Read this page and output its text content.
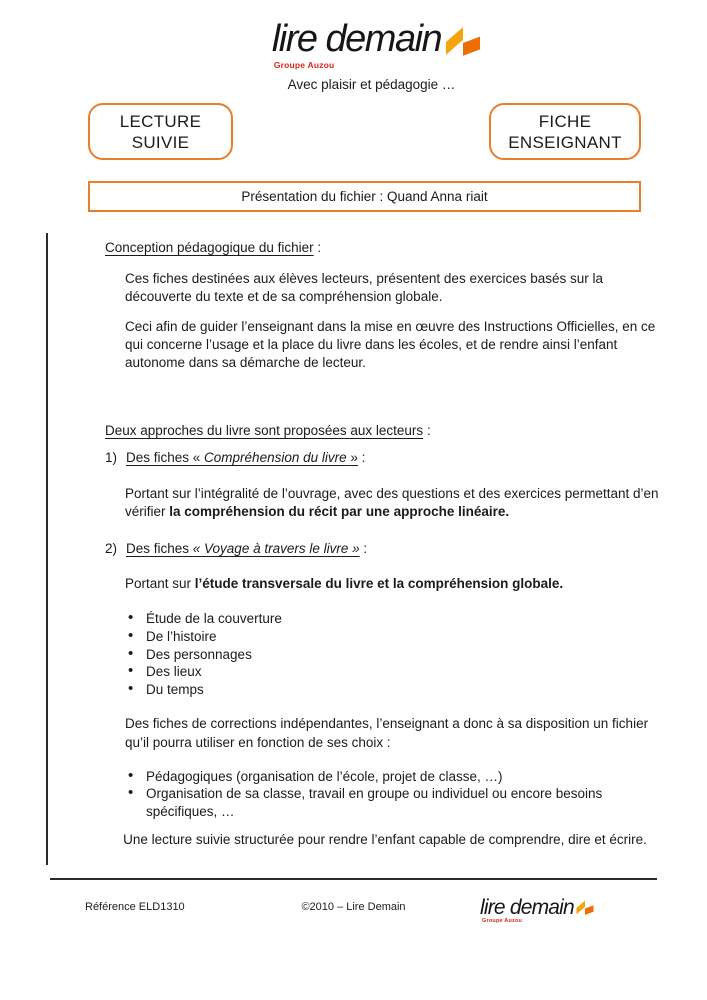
lire demain
Groupe Auzou
Avec plaisir et pédagogie …
LECTURE
SUIVIE
FICHE
ENSEIGNANT
Présentation du fichier : Quand Anna riait
Conception pédagogique du fichier :

Ces fiches destinées aux élèves lecteurs, présentent des exercices basés sur la découverte du texte et de sa compréhension globale.

Ceci afin de guider l’enseignant dans la mise en œuvre des Instructions Officielles, en ce qui concerne l’usage et la place du livre dans les écoles, et de rendre ainsi l’enfant autonome dans sa démarche de lecteur.

Deux approches du livre sont proposées aux lecteurs :
1) Des fiches « Compréhension du livre » :

Portant sur l’intégralité de l’ouvrage, avec des questions et des exercices permettant d’en vérifier la compréhension du récit par une approche linéaire.

2) Des fiches « Voyage à travers le livre » :

Portant sur l’étude transversale du livre et la compréhension globale.

• Étude de la couverture
• De l’histoire
• Des personnages
• Des lieux
• Du temps

Des fiches de corrections indépendantes, l’enseignant a donc à sa disposition un fichier qu’il pourra utiliser en fonction de ses choix :

• Pédagogiques (organisation de l’école, projet de classe, …)
• Organisation de sa classe, travail en groupe ou individuel ou encore besoins spécifiques, …

Une lecture suivie structurée pour rendre l’enfant capable de comprendre, dire et écrire.

Référence ELD1310	©2010 – Lire Demain	lire demain
Groupe Auzou
